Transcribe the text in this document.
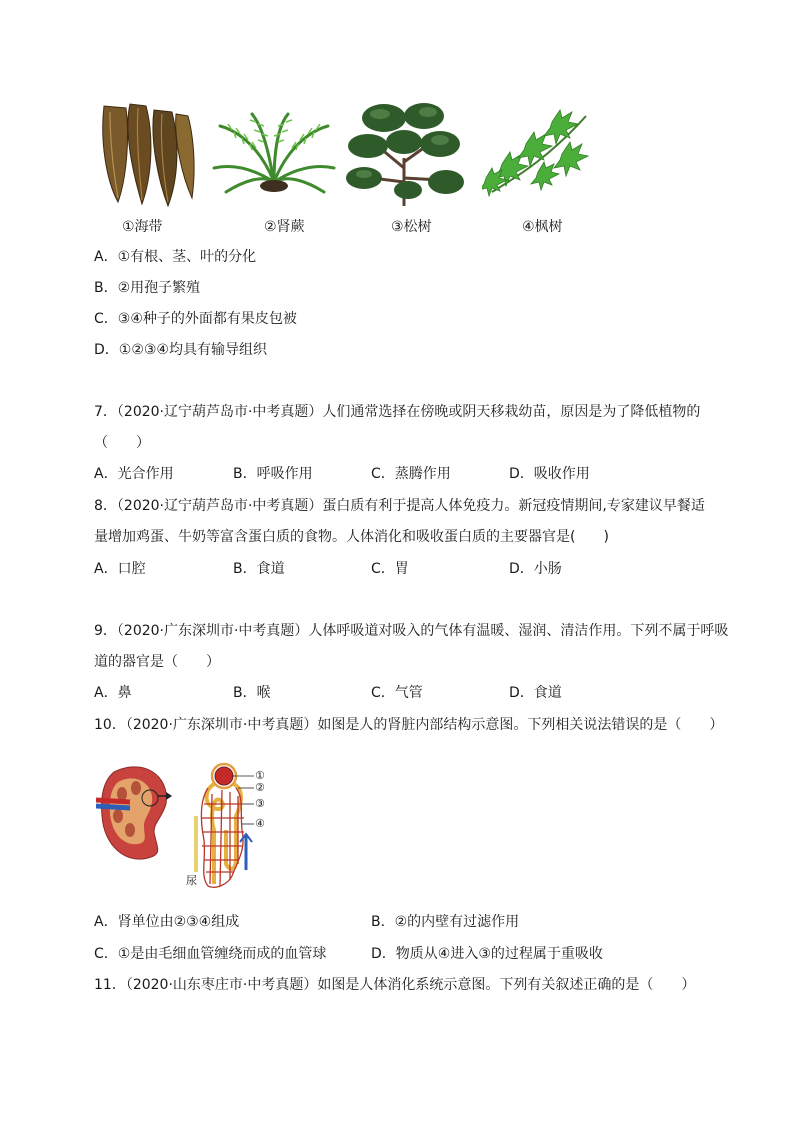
①海带	②肾蕨	③松树	④枫树
A．①有根、茎、叶的分化
B．②用孢子繁殖
C．③④种子的外面都有果皮包被
D．①②③④均具有输导组织
7．（2020·辽宁葫芦岛市·中考真题）人们通常选择在傍晚或阴天移栽幼苗，原因是为了降低植物的
（　　）
A．光合作用	B．呼吸作用	C．蒸腾作用	D．吸收作用
8．（2020·辽宁葫芦岛市·中考真题）蛋白质有利于提高人体免疫力。新冠疫情期间,专家建议早餐适
量增加鸡蛋、牛奶等富含蛋白质的食物。人体消化和吸收蛋白质的主要器官是(　　)
A．口腔	B．食道	C．胃	D．小肠
9．（2020·广东深圳市·中考真题）人体呼吸道对吸入的气体有温暖、湿润、清洁作用。下列不属于呼吸
道的器官是（　　）
A．鼻	B．喉	C．气管	D．食道
10．（2020·广东深圳市·中考真题）如图是人的肾脏内部结构示意图。下列相关说法错误的是（　　）
①
②
③
④
尿
A．肾单位由②③④组成	B．②的内壁有过滤作用
C．①是由毛细血管缠绕而成的血管球	D．物质从④进入③的过程属于重吸收
11．（2020·山东枣庄市·中考真题）如图是人体消化系统示意图。下列有关叙述正确的是（　　）
